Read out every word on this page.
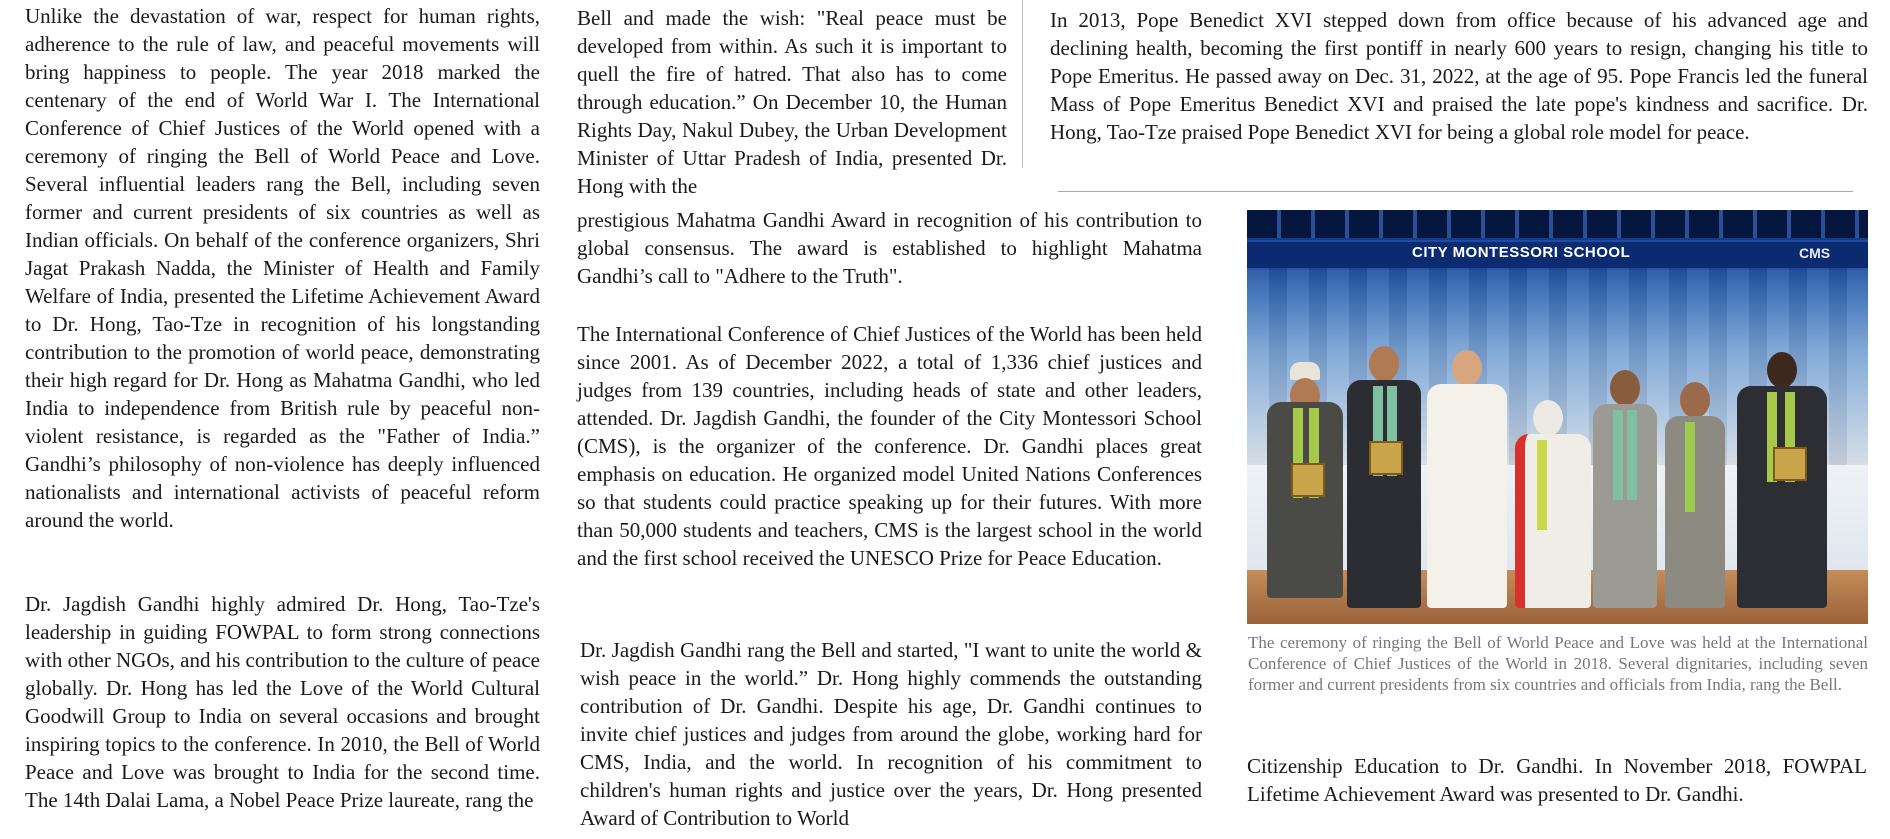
Unlike the devastation of war, respect for human rights, adherence to the rule of law, and peaceful movements will bring happiness to people. The year 2018 marked the centenary of the end of World War I. The International Conference of Chief Justices of the World opened with a ceremony of ringing the Bell of World Peace and Love. Several influential leaders rang the Bell, including seven former and current presidents of six countries as well as Indian officials. On behalf of the conference organizers, Shri Jagat Prakash Nadda, the Minister of Health and Family Welfare of India, presented the Lifetime Achievement Award to Dr. Hong, Tao-Tze in recognition of his longstanding contribution to the promotion of world peace, demonstrating their high regard for Dr. Hong as Mahatma Gandhi, who led India to independence from British rule by peaceful non-violent resistance, is regarded as the "Father of India.” Gandhi’s philosophy of non-violence has deeply influenced nationalists and international activists of peaceful reform around the world.

Dr. Jagdish Gandhi highly admired Dr. Hong, Tao-Tze's leadership in guiding FOWPAL to form strong connections with other NGOs, and his contribution to the culture of peace globally. Dr. Hong has led the Love of the World Cultural Goodwill Group to India on several occasions and brought inspiring topics to the conference. In 2010, the Bell of World Peace and Love was brought to India for the second time. The 14th Dalai Lama, a Nobel Peace Prize laureate, rang the

Bell and made the wish: "Real peace must be developed from within. As such it is important to quell the fire of hatred. That also has to come through education.” On December 10, the Human Rights Day, Nakul Dubey, the Urban Development Minister of Uttar Pradesh of India, presented Dr. Hong with the

prestigious Mahatma Gandhi Award in recognition of his contribution to global consensus. The award is established to highlight Mahatma Gandhi’s call to "Adhere to the Truth".

The International Conference of Chief Justices of the World has been held since 2001. As of December 2022, a total of 1,336 chief justices and judges from 139 countries, including heads of state and other leaders, attended. Dr. Jagdish Gandhi, the founder of the City Montessori School (CMS), is the organizer of the conference. Dr. Gandhi places great emphasis on education. He organized model United Nations Conferences so that students could practice speaking up for their futures. With more than 50,000 students and teachers, CMS is the largest school in the world and the first school received the UNESCO Prize for Peace Education.

Dr. Jagdish Gandhi rang the Bell and started, "I want to unite the world & wish peace in the world.” Dr. Hong highly commends the outstanding contribution of Dr. Gandhi. Despite his age, Dr. Gandhi continues to invite chief justices and judges from around the globe, working hard for CMS, India, and the world. In recognition of his commitment to children's human rights and justice over the years, Dr. Hong presented Award of Contribution to World

In 2013, Pope Benedict XVI stepped down from office because of his advanced age and declining health, becoming the first pontiff in nearly 600 years to resign, changing his title to Pope Emeritus. He passed away on Dec. 31, 2022, at the age of 95. Pope Francis led the funeral Mass of Pope Emeritus Benedict XVI and praised the late pope's kindness and sacrifice. Dr. Hong, Tao-Tze praised Pope Benedict XVI for being a global role model for peace.

CITY MONTESSORI SCHOOL	CMS
The ceremony of ringing the Bell of World Peace and Love was held at the International Conference of Chief Justices of the World in 2018. Several dignitaries, including seven former and current presidents from six countries and officials from India, rang the Bell.

Citizenship Education to Dr. Gandhi. In November 2018, FOWPAL Lifetime Achievement Award was presented to Dr. Gandhi.
